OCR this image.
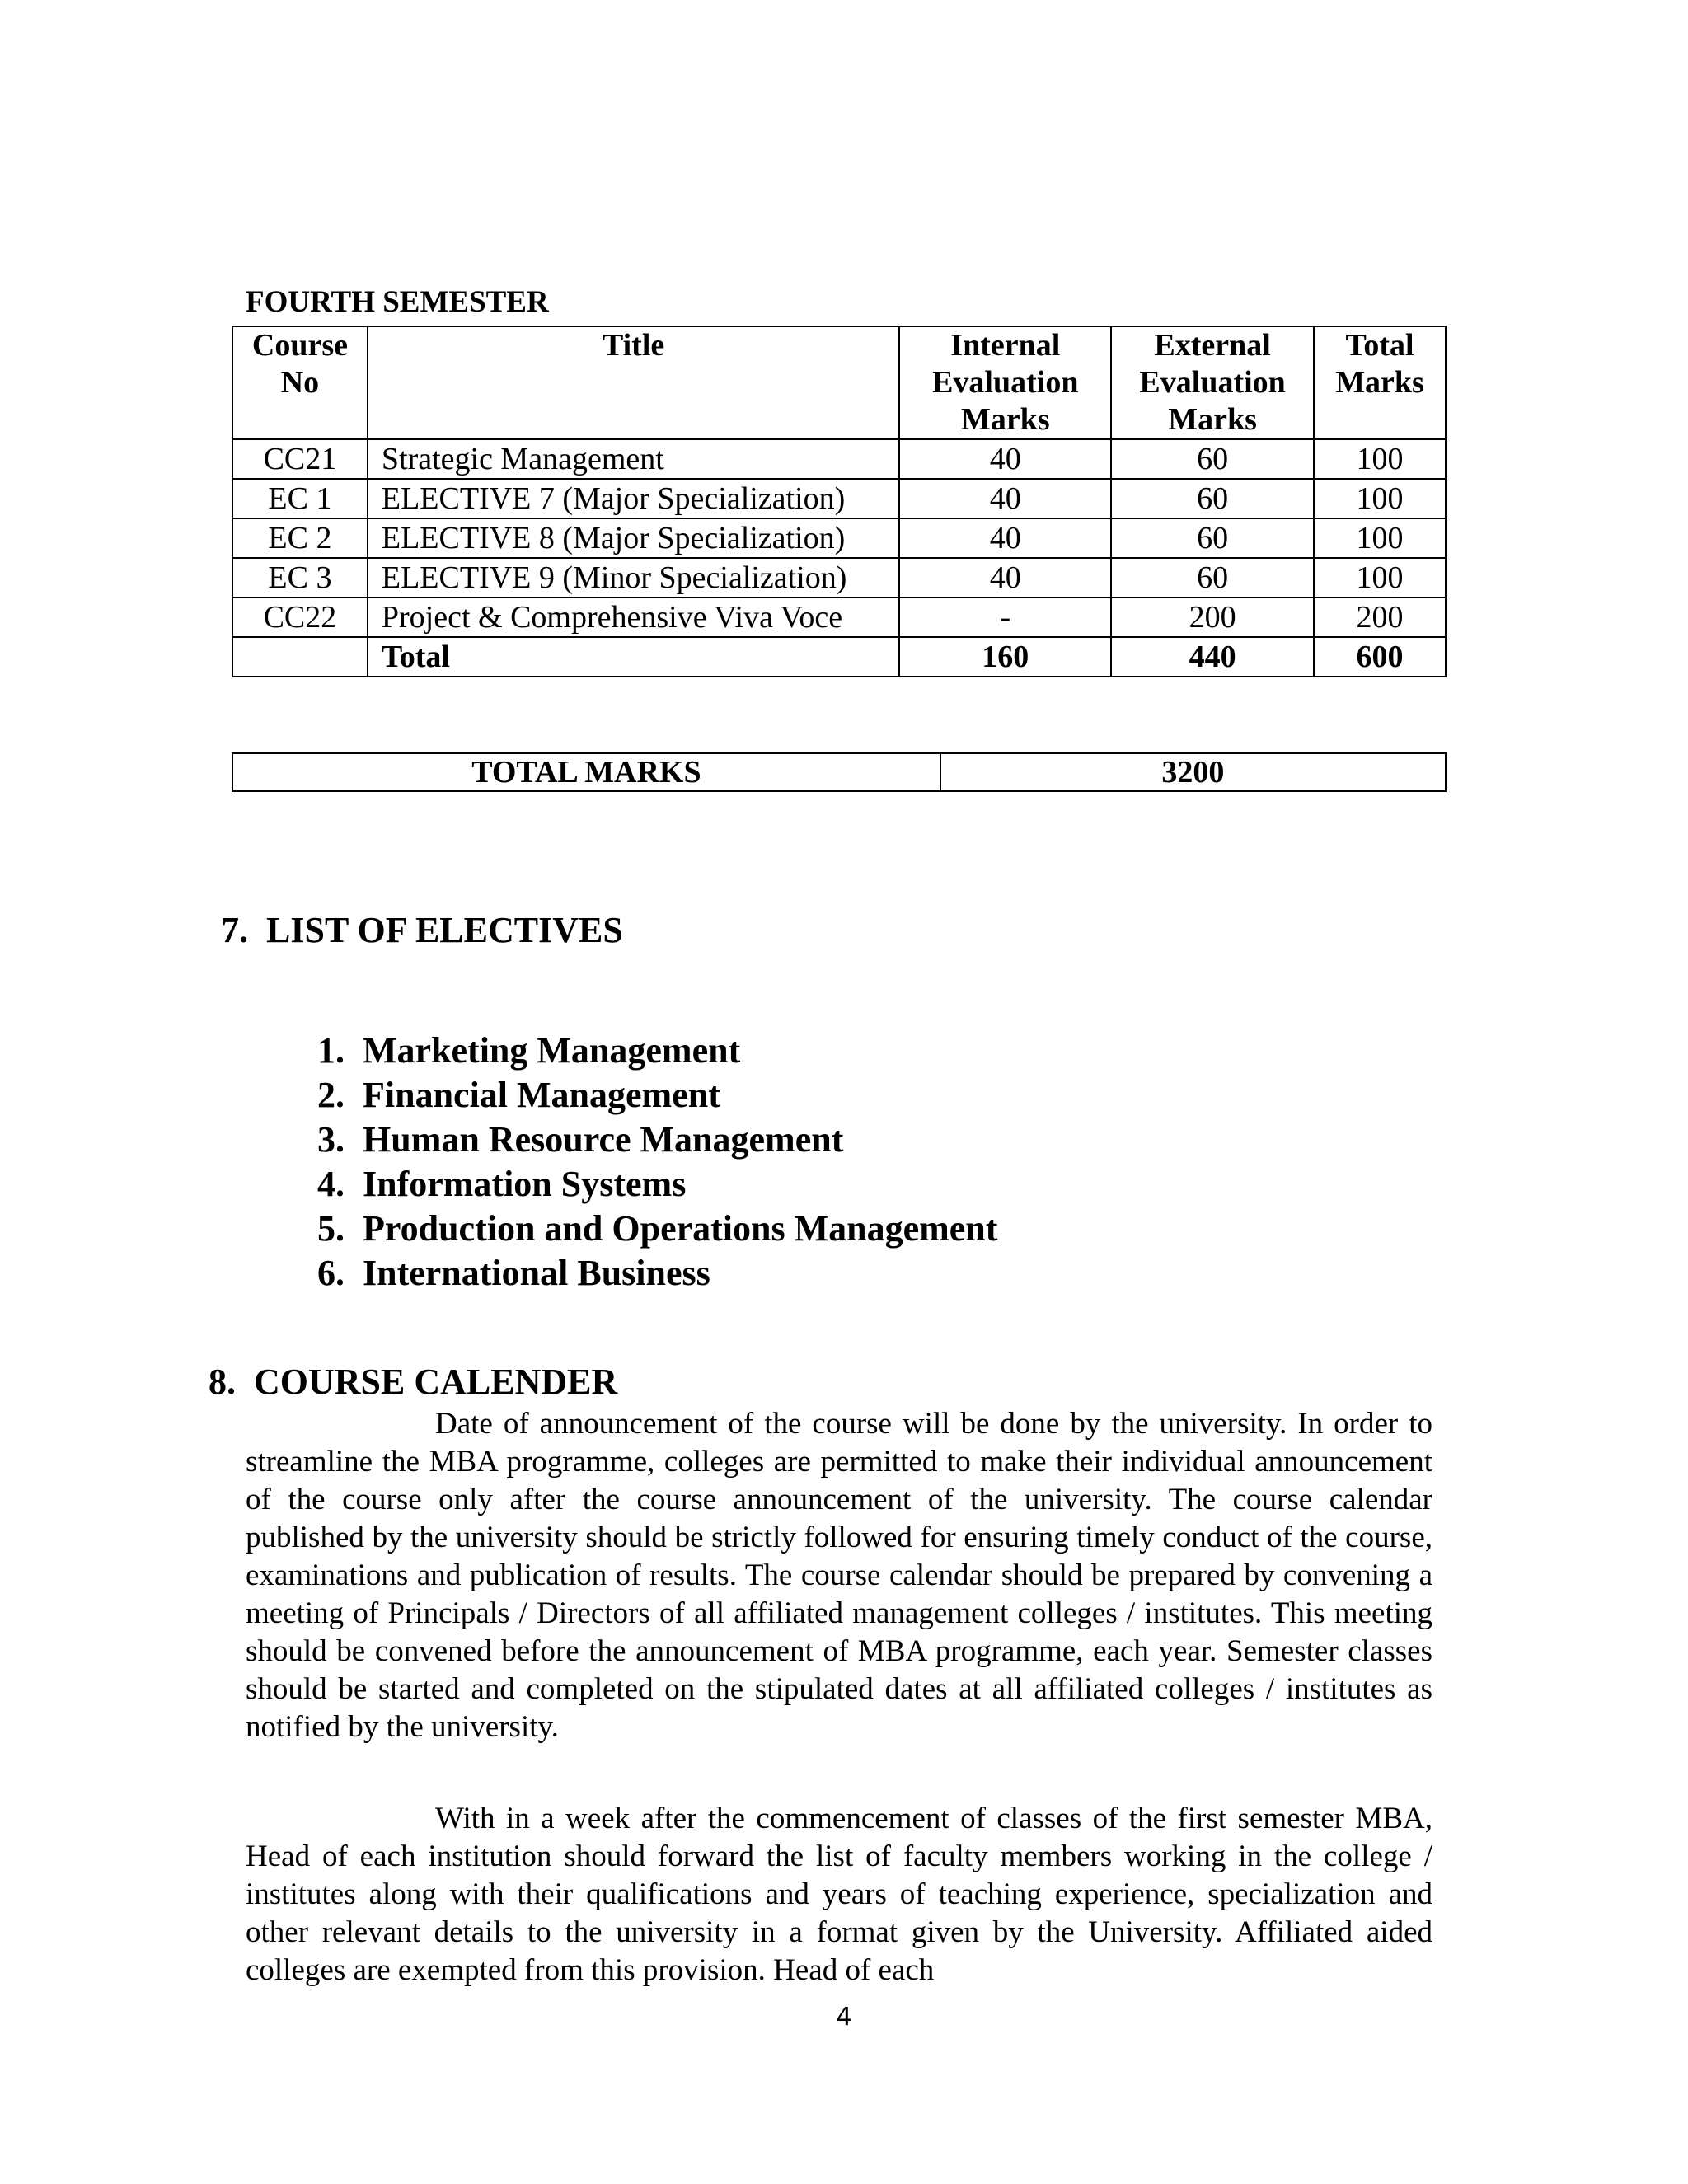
FOURTH SEMESTER
Course No	Title	Internal Evaluation Marks	External Evaluation Marks	Total Marks
CC21	Strategic Management	40	60	100
EC 1	ELECTIVE 7 (Major Specialization)	40	60	100
EC 2	ELECTIVE 8 (Major Specialization)	40	60	100
EC 3	ELECTIVE 9 (Minor Specialization)	40	60	100
CC22	Project & Comprehensive Viva Voce	-	200	200
	Total	160	440	600
TOTAL MARKS	3200
7.  LIST OF ELECTIVES
1. Marketing Management
2. Financial Management
3. Human Resource Management
4. Information Systems
5. Production and Operations Management
6. International Business
8.  COURSE CALENDER

Date of announcement of the course will be done by the university. In order to streamline the MBA programme, colleges are permitted to make their individual announcement of the course only after the course announcement of the university. The course calendar published by the university should be strictly followed for ensuring timely conduct of the course, examinations and publication of results. The course calendar should be prepared by convening a meeting of Principals / Directors of all affiliated management colleges / institutes. This meeting should be convened before the announcement of MBA programme, each year. Semester classes should be started and completed on the stipulated dates at all affiliated colleges / institutes as notified by the university.

With in a week after the commencement of classes of the first semester MBA, Head of each institution should forward the list of faculty members working in the college / institutes along with their qualifications and years of teaching experience, specialization and other relevant details to the university in a format given by the University. Affiliated aided colleges are exempted from this provision. Head of each

4
